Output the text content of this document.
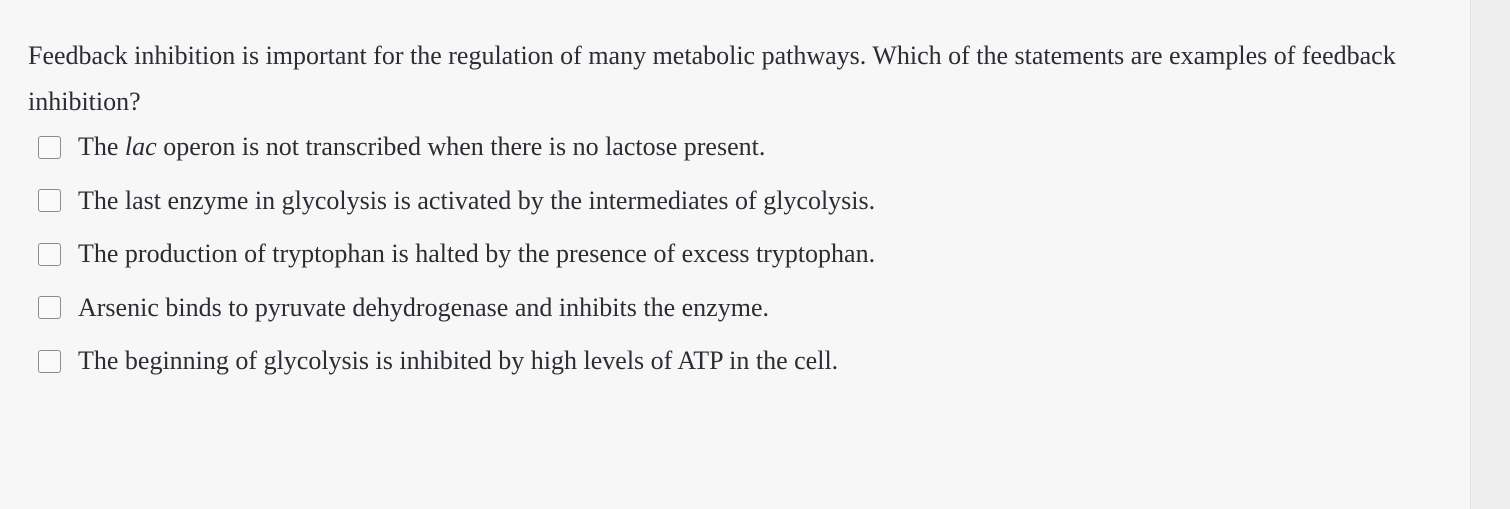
Feedback inhibition is important for the regulation of many metabolic pathways. Which of the statements are examples of feedback inhibition?

The lac operon is not transcribed when there is no lactose present.
The last enzyme in glycolysis is activated by the intermediates of glycolysis.
The production of tryptophan is halted by the presence of excess tryptophan.
Arsenic binds to pyruvate dehydrogenase and inhibits the enzyme.
The beginning of glycolysis is inhibited by high levels of ATP in the cell.
